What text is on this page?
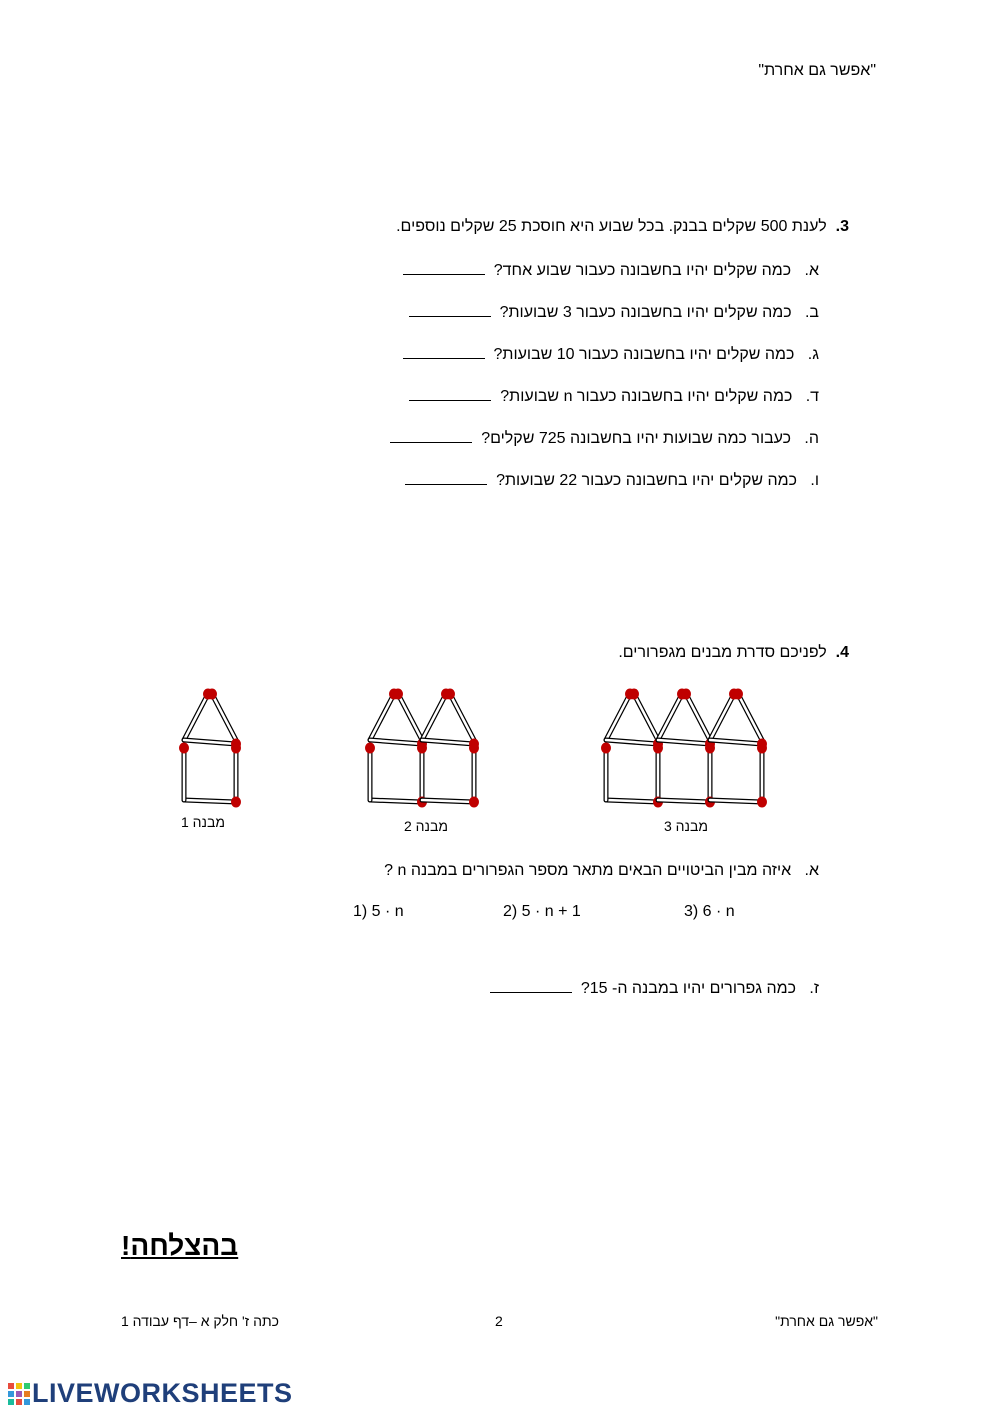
"אפשר גם אחרת"
3.  לענת 500 שקלים בבנק. בכל שבוע היא חוסכת 25 שקלים נוספים.
א.   כמה שקלים יהיו בחשבונה כעבור שבוע אחד?
ב.   כמה שקלים יהיו בחשבונה כעבור 3 שבועות?
ג.   כמה שקלים יהיו בחשבונה כעבור 10 שבועות?
ד.   כמה שקלים יהיו בחשבונה כעבור n שבועות?
ה.   כעבור כמה שבועות יהיו בחשבונה 725 שקלים?
ו.   כמה שקלים יהיו בחשבונה כעבור 22 שבועות?
4.  לפניכם סדרת מבנים מגפרורים.
מבנה 1	מבנה 2	מבנה 3
א.   איזה מבין הביטויים הבאים מתאר מספר הגפרורים במבנה n ?
1) 5 · n	2) 5 · n + 1	3) 6 · n
ז.   כמה גפרורים יהיו במבנה ה- 15?
!בהצלחה
כתה ז' חלק א –דף עבודה 1	2	"אפשר גם אחרת"
LIVEWORKSHEETS
